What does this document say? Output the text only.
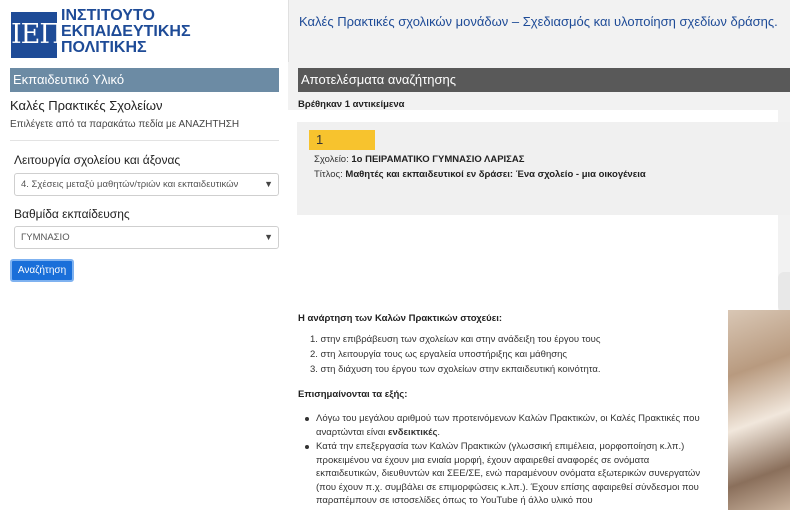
ΙΕΠ
ΙΝΣΤΙΤΟΥΤΟ
ΕΚΠΑΙΔΕΥΤΙΚΗΣ
ΠΟΛΙΤΙΚΗΣ
Καλές Πρακτικές σχολικών μονάδων – Σχεδιασμός και υλοποίηση σχεδίων δράσης.
Εκπαιδευτικό Υλικό
Καλές Πρακτικές Σχολείων
Επιλέγετε από τα παρακάτω πεδία με ΑΝΑΖΗΤΗΣΗ
Λειτουργία σχολείου και άξονας
4. Σχέσεις μεταξύ μαθητών/τριών και εκπαιδευτικών	▼
Βαθμίδα εκπαίδευσης
ΓΥΜΝΑΣΙΟ	▼
Αναζήτηση
Αποτελέσματα αναζήτησης
Βρέθηκαν 1 αντικείμενα
1
Σχολείο: 1ο ΠΕΙΡΑΜΑΤΙΚΟ ΓΥΜΝΑΣΙΟ ΛΑΡΙΣΑΣ
Τίτλος: Μαθητές και εκπαιδευτικοί εν δράσει: Ένα σχολείο - μια οικογένεια
Η ανάρτηση των Καλών Πρακτικών στοχεύει:
1. στην επιβράβευση των σχολείων και στην ανάδειξη του έργου τους
2. στη λειτουργία τους ως εργαλεία υποστήριξης και μάθησης
3. στη διάχυση του έργου των σχολείων στην εκπαιδευτική κοινότητα.
Επισημαίνονται τα εξής:
Λόγω του μεγάλου αριθμού των προτεινόμενων Καλών Πρακτικών, οι Καλές Πρακτικές που αναρτώνται είναι ενδεικτικές.
Κατά την επεξεργασία των Καλών Πρακτικών (γλωσσική επιμέλεια, μορφοποίηση κ.λπ.) προκειμένου να έχουν μια ενιαία μορφή, έχουν αφαιρεθεί αναφορές σε ονόματα εκπαιδευτικών, διευθυντών και ΣΕΕ/ΣΕ, ενώ παραμένουν ονόματα εξωτερικών συνεργατών (που έχουν π.χ. συμβάλει σε επιμορφώσεις κ.λπ.). Έχουν επίσης αφαιρεθεί σύνδεσμοι που παραπέμπουν σε ιστοσελίδες όπως το YouTube ή άλλο υλικό που
